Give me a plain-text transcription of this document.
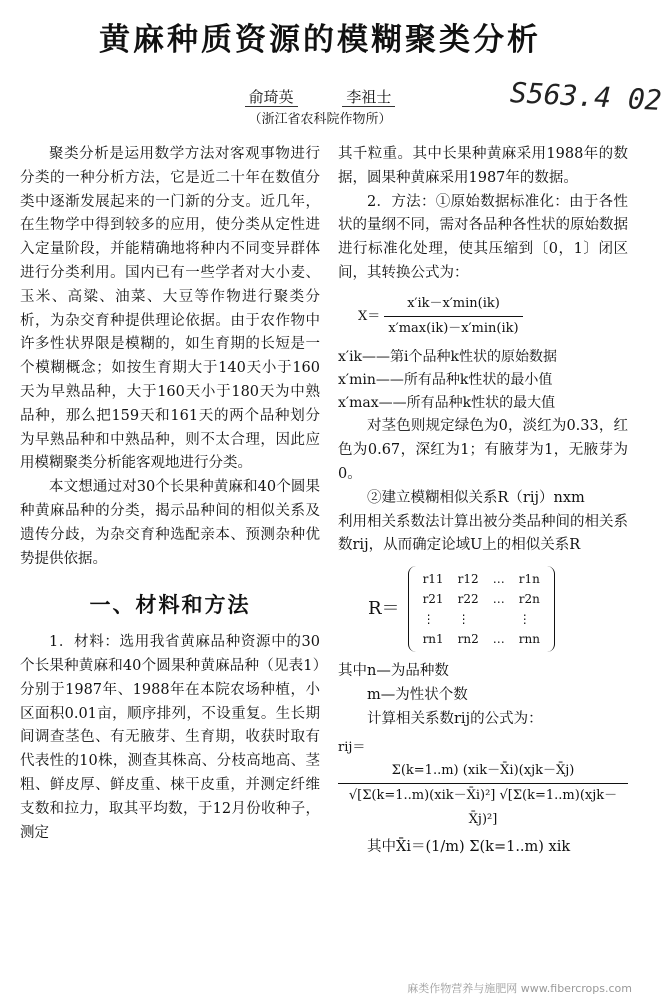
黄麻种质资源的模糊聚类分析
S563.4 02
俞琦英	李祖士
（浙江省农科院作物所）

聚类分析是运用数学方法对客观事物进行分类的一种分析方法，它是近二十年在数值分类中逐渐发展起来的一门新的分支。近几年，在生物学中得到较多的应用，使分类从定性进入定量阶段，并能精确地将种内不同变异群体进行分类利用。国内已有一些学者对大小麦、玉米、高粱、油菜、大豆等作物进行聚类分析，为杂交育种提供理论依据。由于农作物中许多性状界限是模糊的，如生育期的长短是一个模糊概念；如按生育期大于140天小于160天为早熟品种，大于160天小于180天为中熟品种，那么把159天和161天的两个品种划分为早熟品种和中熟品种，则不太合理，因此应用模糊聚类分析能客观地进行分类。

本文想通过对30个长果种黄麻和40个圆果种黄麻品种的分类，揭示品种间的相似关系及遗传分歧，为杂交育种选配亲本、预测杂种优势提供依据。

一、材料和方法

1．材料：选用我省黄麻品种资源中的30个长果种黄麻和40个圆果种黄麻品种（见表1）分别于1987年、1988年在本院农场种植，小区面积0.01亩，顺序排列，不设重复。生长期间调查茎色、有无腋芽、生育期，收获时取有代表性的10株，测查其株高、分枝高地高、茎粗、鲜皮厚、鲜皮重、梾干皮重，并测定纤维支数和拉力，取其平均数，于12月份收种子，测定

其千粒重。其中长果种黄麻采用1988年的数据，圆果种黄麻采用1987年的数据。

2．方法：①原始数据标准化：由于各性状的量纲不同，需对各品种各性状的原始数据进行标准化处理，使其压缩到〔0，1〕闭区间，其转换公式为：

$X= \frac{x'ik-x'\min(ik)}{x'\max(ik)-x'\min(ik)}$
x′ik——第i个品种k性状的原始数据
x′min——所有品种k性状的最小值
x′max——所有品种k性状的最大值

对茎色则规定绿色为0，淡红为0.33，红色为0.67，深红为1；有腋芽为1，无腋芽为0。

②建立模糊相似关系R（rij）nxm

利用相关系数法计算出被分类品种间的相关系数rij，从而确定论域U上的相似关系R

R＝
r11	r12	…	r1n
r21	r22	…	r2n
⋮	⋮		⋮
rn1	rn2	…	rnn

其中n—为品种数

m—为性状个数

计算相关系数rij的公式为：

rij＝
$\frac{\text{Σ(k=1..m) (xik－X̄i)(xjk－X̄j)}}{\text{√[Σ(k=1..m)(xik－X̄i)²] √[Σ(k=1..m)(xjk－X̄j)²]}}$

其中X̄i＝(1/m) Σ(k=1..m) xik

麻类作物营养与施肥网 www.fibercrops.com
